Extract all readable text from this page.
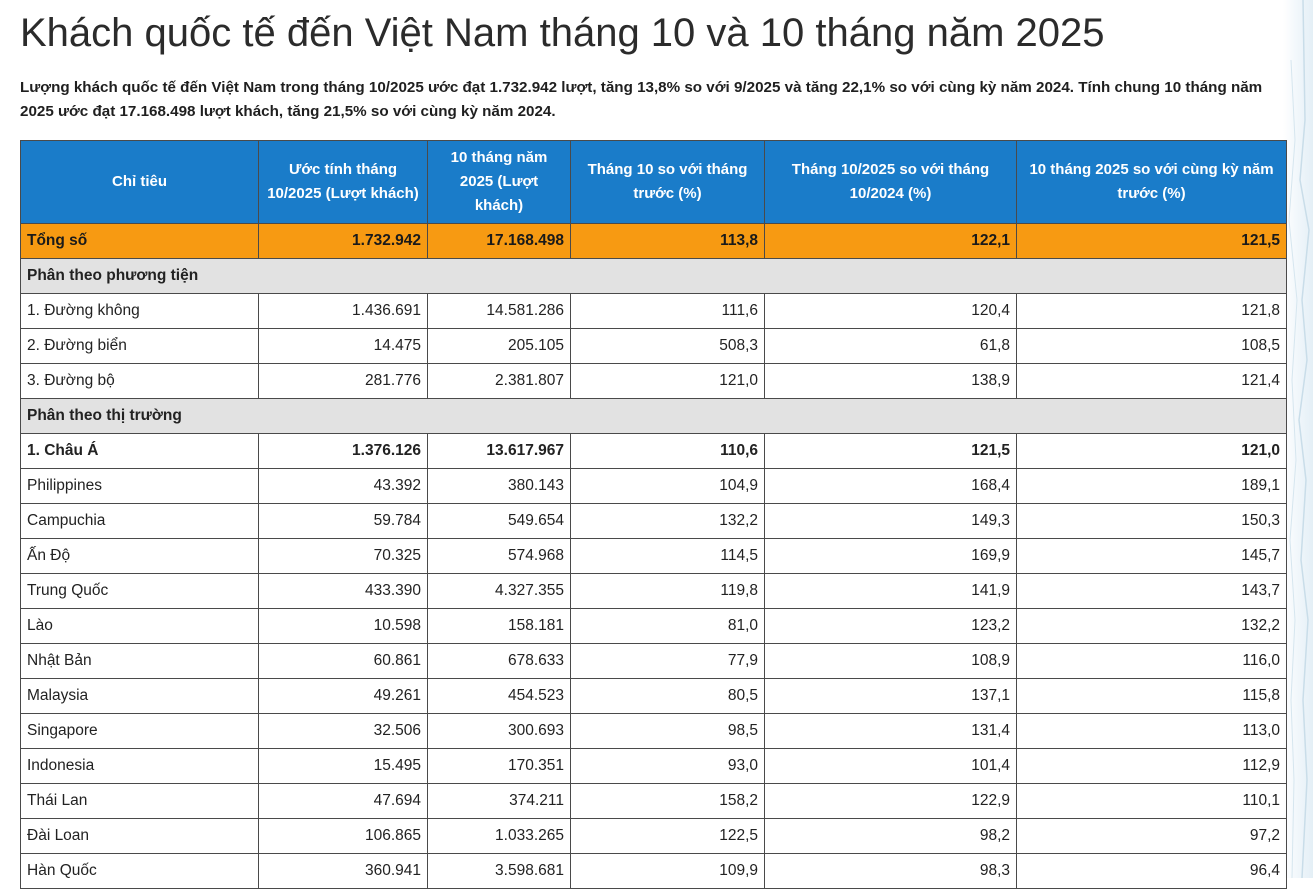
Khách quốc tế đến Việt Nam tháng 10 và 10 tháng năm 2025

Lượng khách quốc tế đến Việt Nam trong tháng 10/2025 ước đạt 1.732.942 lượt, tăng 13,8% so với 9/2025 và tăng 22,1% so với cùng kỳ năm 2024. Tính chung 10 tháng năm 2025 ước đạt 17.168.498 lượt khách, tăng 21,5% so với cùng kỳ năm 2024.

Chỉ tiêu	Ước tính tháng 10/2025 (Lượt khách)	10 tháng năm 2025 (Lượt khách)	Tháng 10 so với tháng trước (%)	Tháng 10/2025 so với tháng 10/2024 (%)	10 tháng 2025 so với cùng kỳ năm trước (%)
Tổng số	1.732.942	17.168.498	113,8	122,1	121,5
Phân theo phương tiện					
1. Đường không	1.436.691	14.581.286	111,6	120,4	121,8
2. Đường biển	14.475	205.105	508,3	61,8	108,5
3. Đường bộ	281.776	2.381.807	121,0	138,9	121,4
Phân theo thị trường					
1. Châu Á	1.376.126	13.617.967	110,6	121,5	121,0
Philippines	43.392	380.143	104,9	168,4	189,1
Campuchia	59.784	549.654	132,2	149,3	150,3
Ấn Độ	70.325	574.968	114,5	169,9	145,7
Trung Quốc	433.390	4.327.355	119,8	141,9	143,7
Lào	10.598	158.181	81,0	123,2	132,2
Nhật Bản	60.861	678.633	77,9	108,9	116,0
Malaysia	49.261	454.523	80,5	137,1	115,8
Singapore	32.506	300.693	98,5	131,4	113,0
Indonesia	15.495	170.351	93,0	101,4	112,9
Thái Lan	47.694	374.211	158,2	122,9	110,1
Đài Loan	106.865	1.033.265	122,5	98,2	97,2
Hàn Quốc	360.941	3.598.681	109,9	98,3	96,4
